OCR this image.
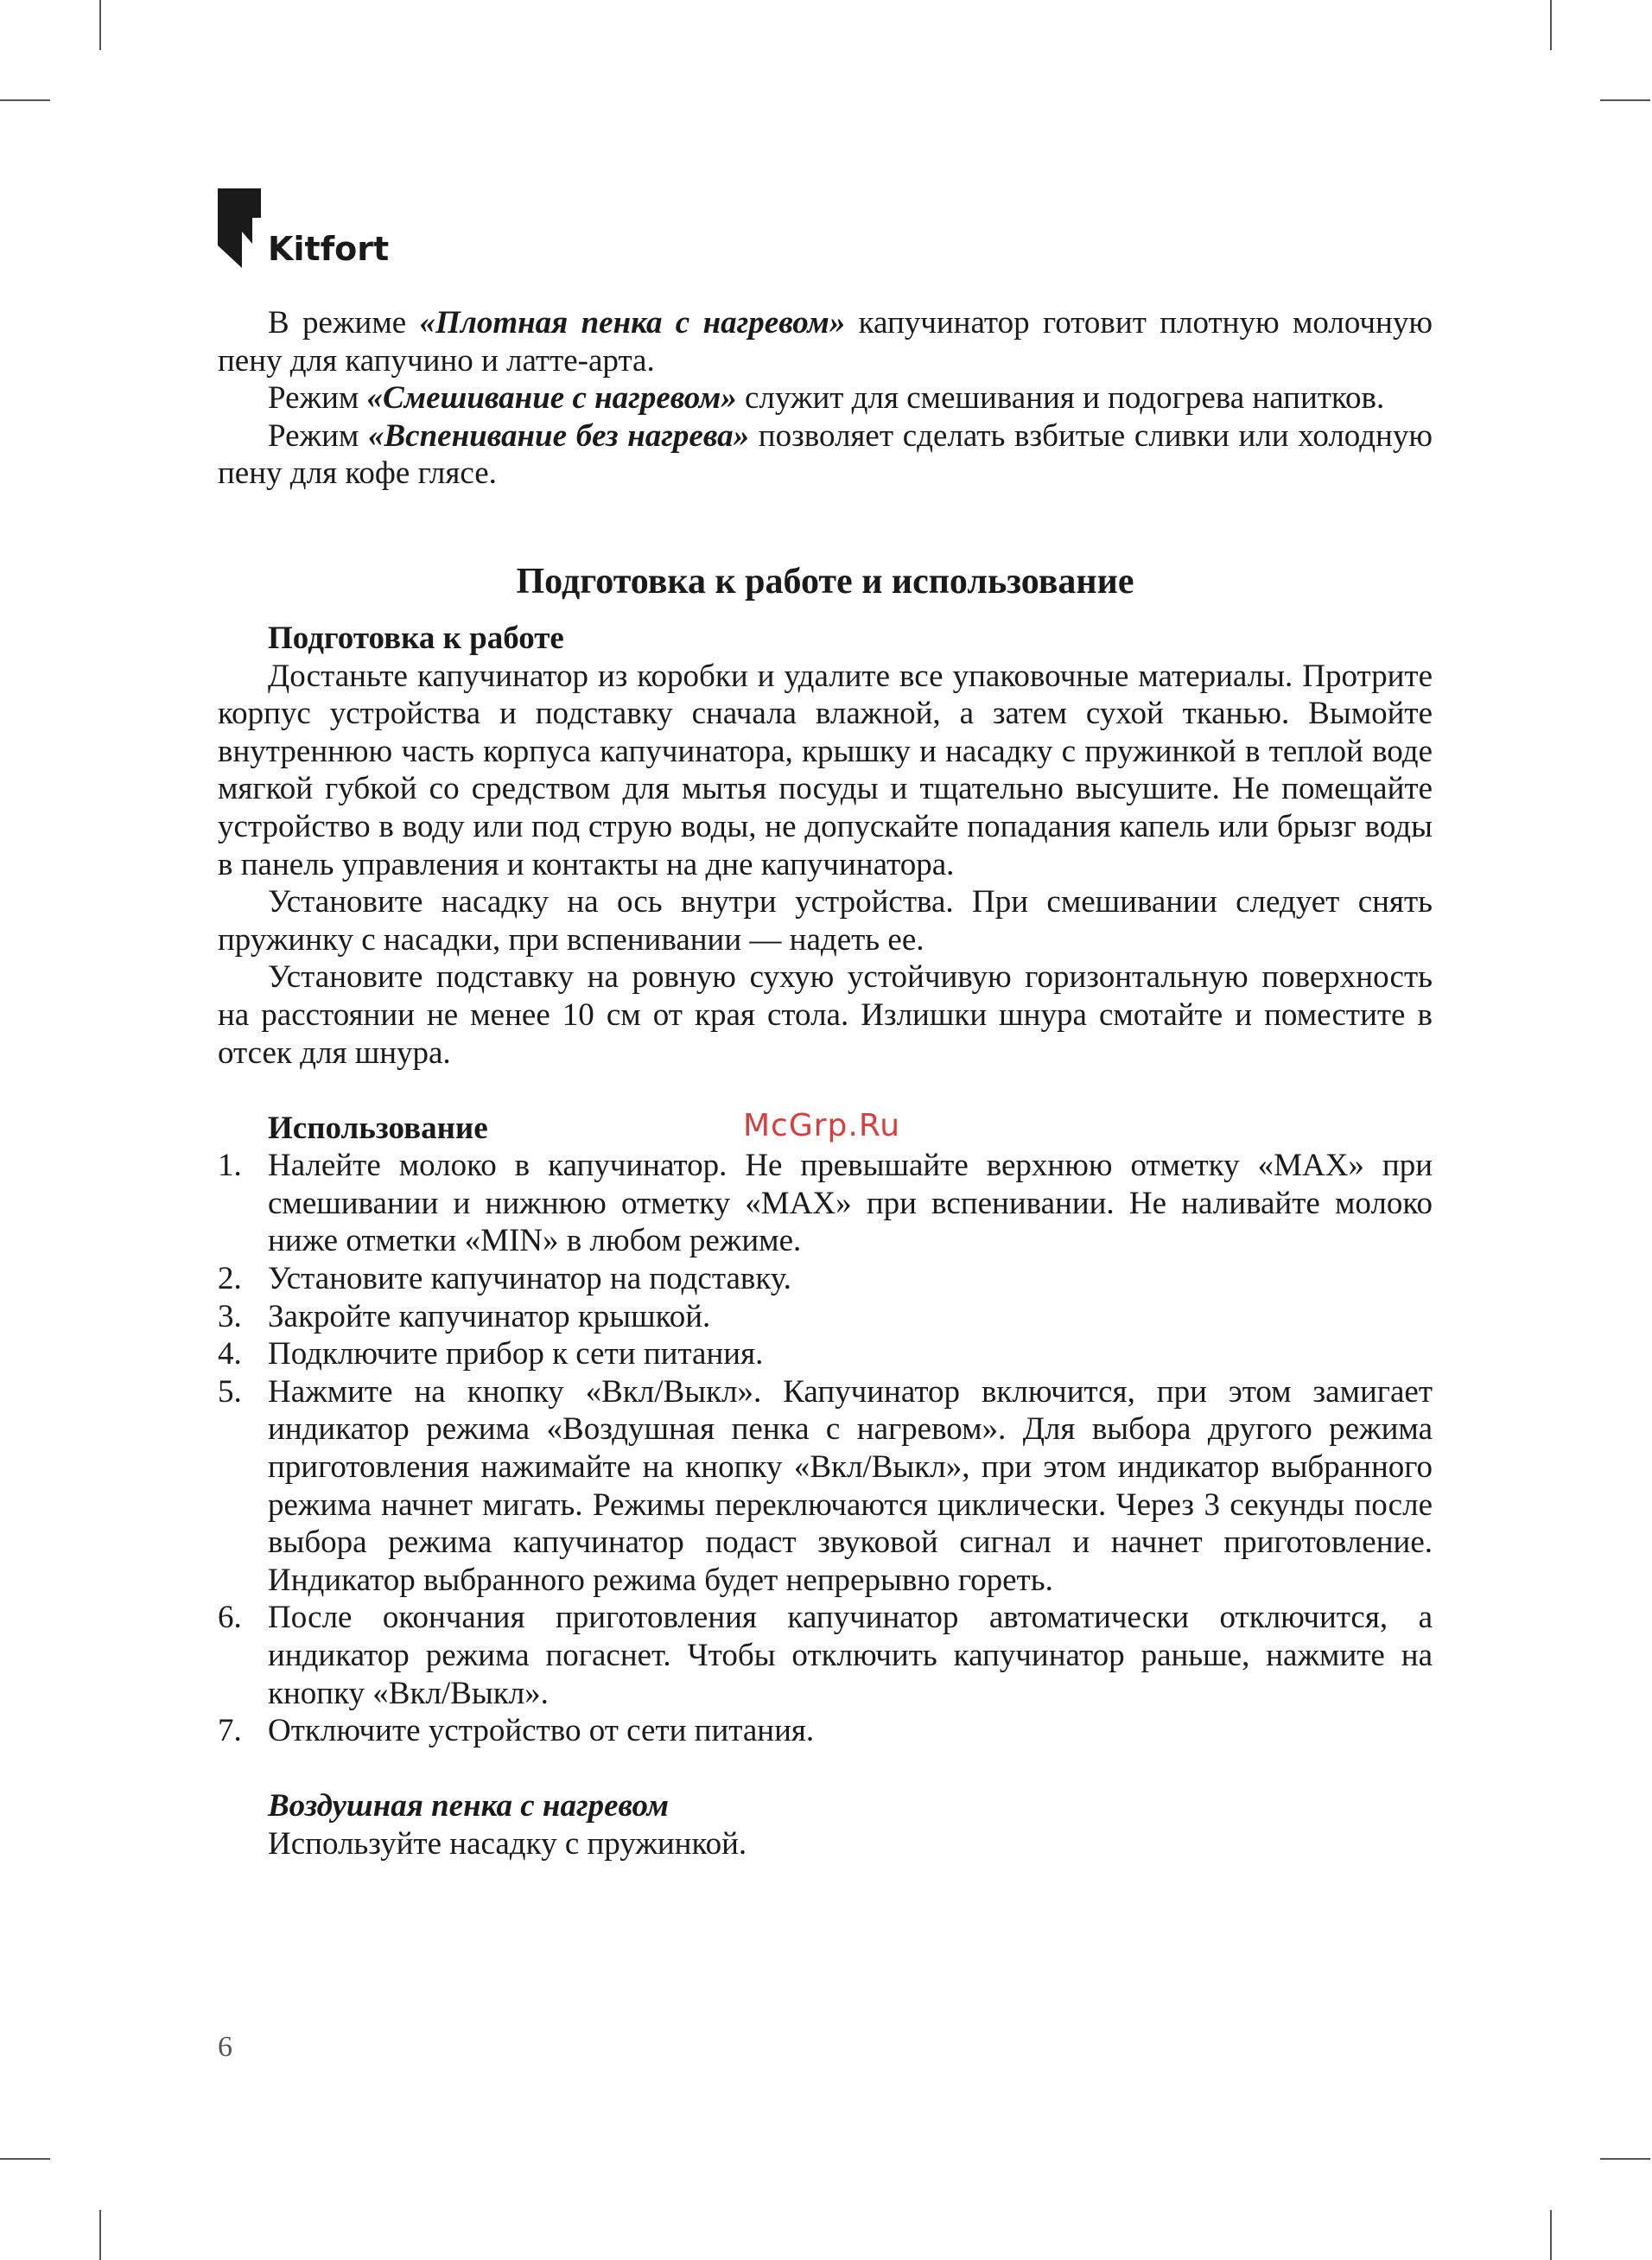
Kitfort

В режиме «Плотная пенка с нагревом» капучинатор готовит плотную молочную пену для капучино и латте-арта.

Режим «Смешивание с нагревом» служит для смешивания и подогрева напитков.

Режим «Вспенивание без нагрева» позволяет сделать взбитые сливки или холодную пену для кофе глясе.

Подготовка к работе и использование
Подготовка к работе

Достаньте капучинатор из коробки и удалите все упаковочные материалы. Протрите корпус устройства и подставку сначала влажной, а затем сухой тканью. Вымойте внутреннюю часть корпуса капучинатора, крышку и насадку с пружинкой в теплой воде мягкой губкой со средством для мытья посуды и тщательно высушите. Не помещайте устройство в воду или под струю воды, не допускайте попадания капель или брызг воды в панель управления и контакты на дне капучинатора.

Установите насадку на ось внутри устройства. При смешивании следует снять пружинку с насадки, при вспенивании — надеть ее.

Установите подставку на ровную сухую устойчивую горизонтальную поверхность на расстоянии не менее 10 см от края стола. Излишки шнура смотайте и поместите в отсек для шнура.

Использование
1. Налейте молоко в капучинатор. Не превышайте верхнюю отметку «MAX» при смешивании и нижнюю отметку «MAX» при вспенивании. Не наливайте молоко ниже отметки «MIN» в любом режиме.
2. Установите капучинатор на подставку.
3. Закройте капучинатор крышкой.
4. Подключите прибор к сети питания.
5. Нажмите на кнопку «Вкл/Выкл». Капучинатор включится, при этом замигает индикатор режима «Воздушная пенка с нагревом». Для выбора другого режима приготовления нажимайте на кнопку «Вкл/Выкл», при этом индикатор выбранного режима начнет мигать. Режимы переключаются циклически. Через 3 секунды после выбора режима капучинатор подаст звуковой сигнал и начнет приготовление. Индикатор выбранного режима будет непрерывно гореть.
6. После окончания приготовления капучинатор автоматически отключится, а индикатор режима погаснет. Чтобы отключить капучинатор раньше, нажмите на кнопку «Вкл/Выкл».
7. Отключите устройство от сети питания.
Воздушная пенка с нагревом

Используйте насадку с пружинкой.

McGrp.Ru
6
